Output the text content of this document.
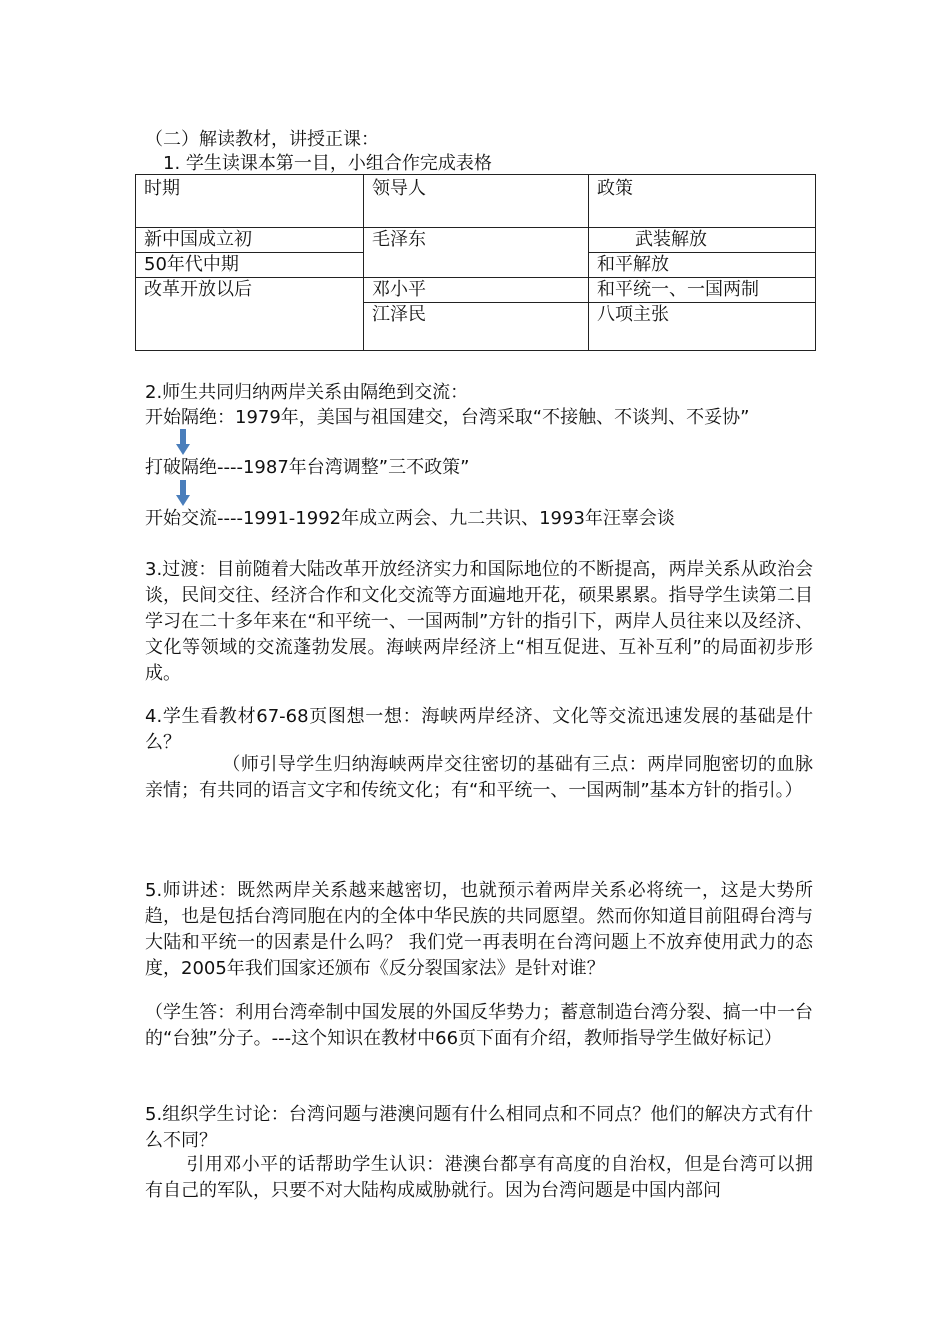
（二）解读教材，讲授正课：
1. 学生读课本第一目，小组合作完成表格
时期	领导人	政策
新中国成立初	毛泽东	武装解放
50年代中期		和平解放
改革开放以后	邓小平	和平统一、一国两制
	江泽民	八项主张
2.师生共同归纳两岸关系由隔绝到交流：
开始隔绝：1979年，美国与祖国建交，台湾采取“不接触、不谈判、不妥协”
打破隔绝----1987年台湾调整”三不政策”
开始交流----1991-1992年成立两会、九二共识、1993年汪辜会谈
3.过渡：目前随着大陆改革开放经济实力和国际地位的不断提高，两岸关系从政治会谈，民间交往、经济合作和文化交流等方面遍地开花，硕果累累。指导学生读第二目学习在二十多年来在“和平统一、一国两制”方针的指引下，两岸人员往来以及经济、文化等领域的交流蓬勃发展。海峡两岸经济上“相互促进、互补互利”的局面初步形成。
4.学生看教材67-68页图想一想：海峡两岸经济、文化等交流迅速发展的基础是什么？
（师引导学生归纳海峡两岸交往密切的基础有三点：两岸同胞密切的血脉亲情；有共同的语言文字和传统文化；有“和平统一、一国两制”基本方针的指引。）
5.师讲述：既然两岸关系越来越密切，也就预示着两岸关系必将统一，这是大势所趋，也是包括台湾同胞在内的全体中华民族的共同愿望。然而你知道目前阻碍台湾与大陆和平统一的因素是什么吗？ 我们党一再表明在台湾问题上不放弃使用武力的态度，2005年我们国家还颁布《反分裂国家法》是针对谁？
（学生答：利用台湾牵制中国发展的外国反华势力；蓄意制造台湾分裂、搞一中一台的“台独”分子。---这个知识在教材中66页下面有介绍，教师指导学生做好标记）
5.组织学生讨论：台湾问题与港澳问题有什么相同点和不同点？他们的解决方式有什么不同？
引用邓小平的话帮助学生认识：港澳台都享有高度的自治权，但是台湾可以拥有自己的军队，只要不对大陆构成威胁就行。因为台湾问题是中国内部问
